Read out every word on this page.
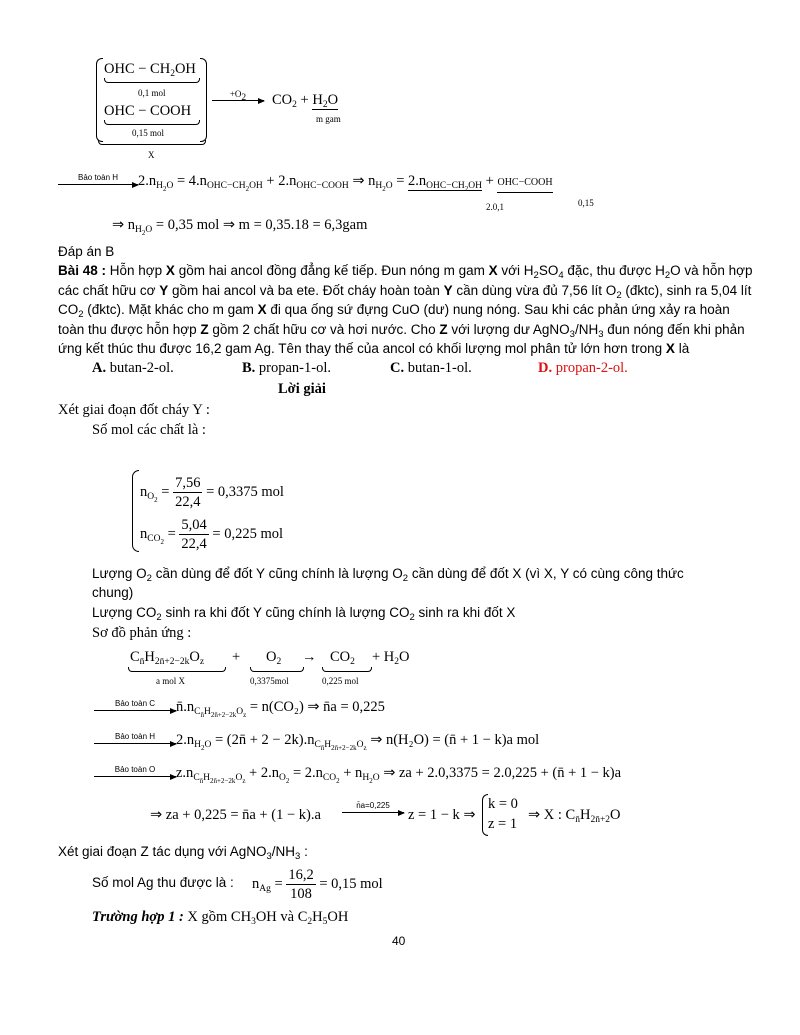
OHC − $CH_2OH$
0,1 mol
OHC − COOH
0,15 mol
X
$+O_2$	$CO_2 + H_2O$
m gam
Bảo toàn H $2.n_{H_2O} = 4.n_{OHC-CH_2OH} + 2.n_{OHC-COOH}$ ⇒ $n_{H_2O} = 2.n_{OHC-CH_2OH}$ + OHC−COOH
2.0,1	0,15
⇒ $n_{H_2O} = 0,35$ mol ⇒ m = 0,35.18 = 6,3gam
Đáp án B
Bài 48 : Hỗn hợp X gồm hai ancol đồng đẳng kế tiếp. Đun nóng m gam X với $H_2SO_4$ đặc, thu được $H_2O$ và hỗn hợp các chất hữu cơ Y gồm hai ancol và ba ete. Đốt cháy hoàn toàn Y cần dùng vừa đủ 7,56 lít $O_2$ (đktc), sinh ra 5,04 lít $CO_2$ (đktc). Mặt khác cho m gam X đi qua ống sứ đựng CuO (dư) nung nóng. Sau khi các phản ứng xảy ra hoàn toàn thu được hỗn hợp Z gồm 2 chất hữu cơ và hơi nước. Cho Z với lượng dư $AgNO_3/NH_3$ đun nóng đến khi phản ứng kết thúc thu được 16,2 gam Ag. Tên thay thế của ancol có khối lượng mol phân tử lớn hơn trong X là
A. butan-2-ol.	B. propan-1-ol.	C. butan-1-ol.	D. propan-2-ol.
Lời giải
Xét giai đoạn đốt cháy Y :
Số mol các chất là :
$n_{O_2} = \frac{7,56}{22,4} = 0,3375$ mol
$n_{CO_2} = \frac{5,04}{22,4} = 0,225$ mol
Lượng $O_2$ cần dùng để đốt Y cũng chính là lượng $O_2$ cần dùng để đốt X (vì X, Y có cùng công thức
chung)
Lượng $CO_2$ sinh ra khi đốt Y cũng chính là lượng $CO_2$ sinh ra khi đốt X
Sơ đồ phản ứng :
$C_{n̄}H_{2n̄+2-2k}O_z$
a mol X
+ $O_2$
0,3375mol
→ $CO_2$
0,225 mol
+ $H_2O$
Bảo toàn C $n̄.n_{C_{n̄}H_{2n̄+2-2k}O_z} = n(CO_2)$ ⇒ n̄a = 0,225
Bảo toàn H $2.n_{H_2O}$ = (2n̄ + $2 - 2k).n_{C_{n̄}H_{2n̄+2-2k}O_z}$ ⇒ n(H₂O) = (n̄ + 1 − k)a mol
Bảo toàn O $z.n_{C_{n̄}H_{2n̄+2-2k}O_z} + 2.n_{O_2} = 2.n_{CO_2} + n_{H_2O}$ ⇒ za + 2.0,3375 = 2.0,225 + (n̄ + 1 − k)a
⇒ za + 0,225 = n̄a + (1 − k).a
n̄a=0,225
z = 1 − k ⇒
k = 0
z = 1
⇒ X : $C_{n̄}H_{2n̄+2}O$
Xét giai đoạn Z tác dụng với $AgNO_3/NH_3$ :
Số mol Ag thu được là : $n_{Ag} = \frac{16,2}{108} = 0,15$ mol
Trường hợp 1 : X gồm $CH_3OH$ và $C_2H_5OH$
40
